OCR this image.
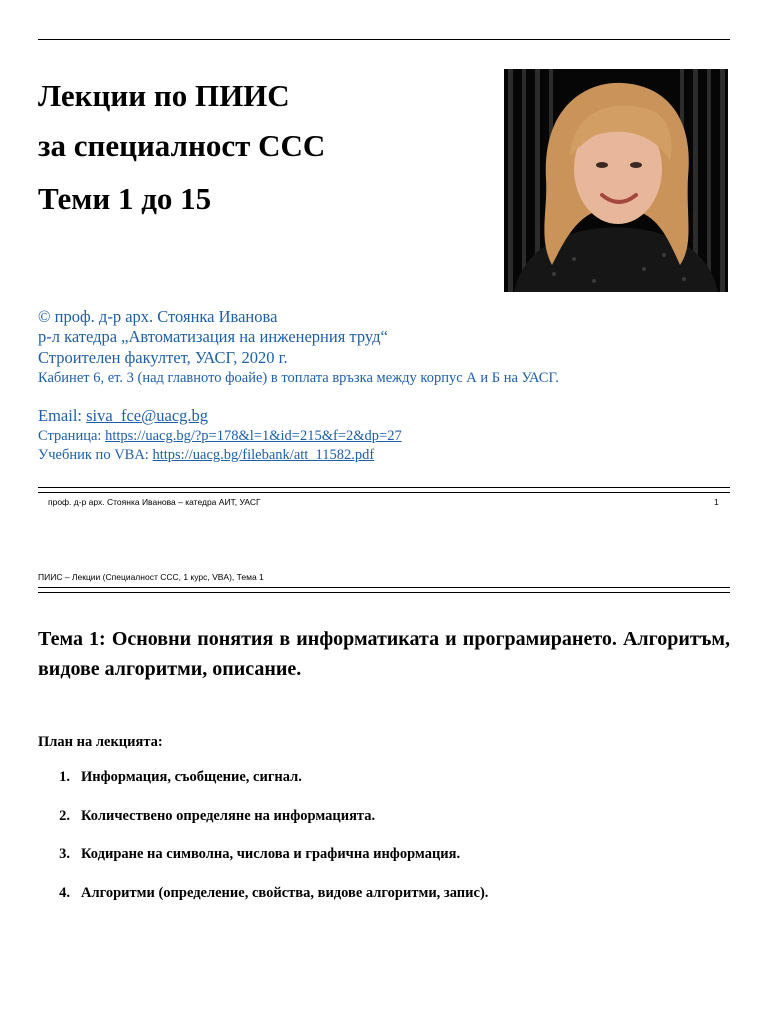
Лекции по ПИИС
за специалност ССС
Теми 1 до 15
© проф. д-р арх. Стоянка Иванова
р-л катедра „Автоматизация на инженерния труд“
Строителен факултет, УАСГ, 2020 г.
Кабинет 6, ет. 3 (над главното фоайе) в топлата връзка между корпус А и Б на УАСГ.
Email: siva_fce@uacg.bg
Страница: https://uacg.bg/?p=178&l=1&id=215&f=2&dp=27
Учебник по VBA: https://uacg.bg/filebank/att_11582.pdf
проф. д-р арх. Стоянка Иванова – катедра АИТ, УАСГ	1
ПИИС – Лекции (Специалност ССС, 1 курс, VBA), Тема 1
Тема 1: Основни понятия в информатиката и програмирането. Алгоритъм, видове алгоритми, описание.
План на лекцията:
1. Информация, съобщение, сигнал.
2. Количествено определяне на информацията.
3. Кодиране на символна, числова и графична информация.
4. Алгоритми (определение, свойства, видове алгоритми, запис).
